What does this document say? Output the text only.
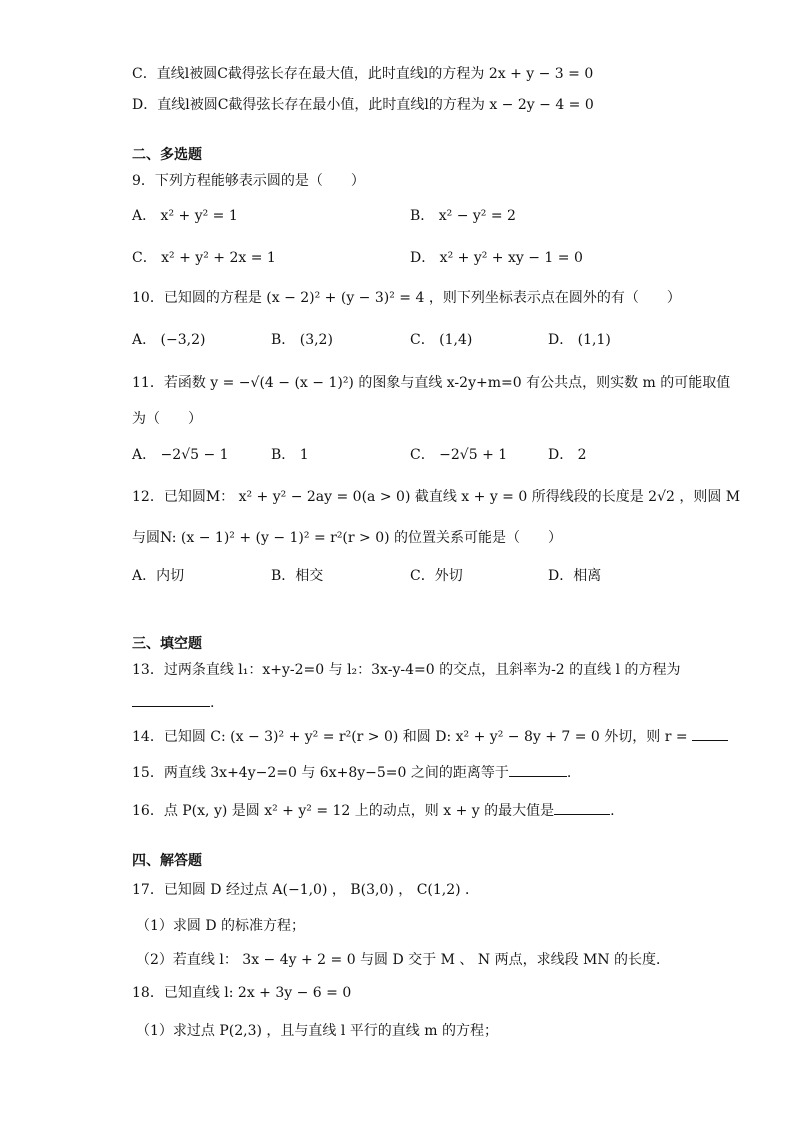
C．直线l被圆C截得弦长存在最大值，此时直线l的方程为 2x + y − 3 = 0
D．直线l被圆C截得弦长存在最小值，此时直线l的方程为 x − 2y − 4 = 0
二、多选题
9．下列方程能够表示圆的是（　　）
A． x² + y² = 1	B． x² − y² = 2
C． x² + y² + 2x = 1	D． x² + y² + xy − 1 = 0
10．已知圆的方程是 (x − 2)² + (y − 3)² = 4 ，则下列坐标表示点在圆外的有（　　）
A． (−3,2)	B． (3,2)	C． (1,4)	D． (1,1)
11．若函数 y = −√(4 − (x − 1)²) 的图象与直线 x-2y+m=0 有公共点，则实数 m 的可能取值
为（　　）
A． −2√5 − 1	B． 1	C． −2√5 + 1	D． 2
12．已知圆M： x² + y² − 2ay = 0(a > 0) 截直线 x + y = 0 所得线段的长度是 2√2 ，则圆 M
与圆N: (x − 1)² + (y − 1)² = r²(r > 0) 的位置关系可能是（　　）
A．内切	B．相交	C．外切	D．相离
三、填空题
13．过两条直线 l₁：x+y-2=0 与 l₂：3x-y-4=0 的交点，且斜率为-2 的直线 l 的方程为
.
14．已知圆 C: (x − 3)² + y² = r²(r > 0) 和圆 D: x² + y² − 8y + 7 = 0 外切，则 r =
15．两直线 3x+4y−2=0 与 6x+8y−5=0 之间的距离等于	.
16．点 P(x, y) 是圆 x² + y² = 12 上的动点，则 x + y 的最大值是	.
四、解答题
17．已知圆 D 经过点 A(−1,0) ， B(3,0) ， C(1,2) ．
（1）求圆 D 的标准方程；
（2）若直线 l： 3x − 4y + 2 = 0 与圆 D 交于 M 、 N 两点，求线段 MN 的长度．
18．已知直线 l: 2x + 3y − 6 = 0
（1）求过点 P(2,3) ，且与直线 l 平行的直线 m 的方程；
